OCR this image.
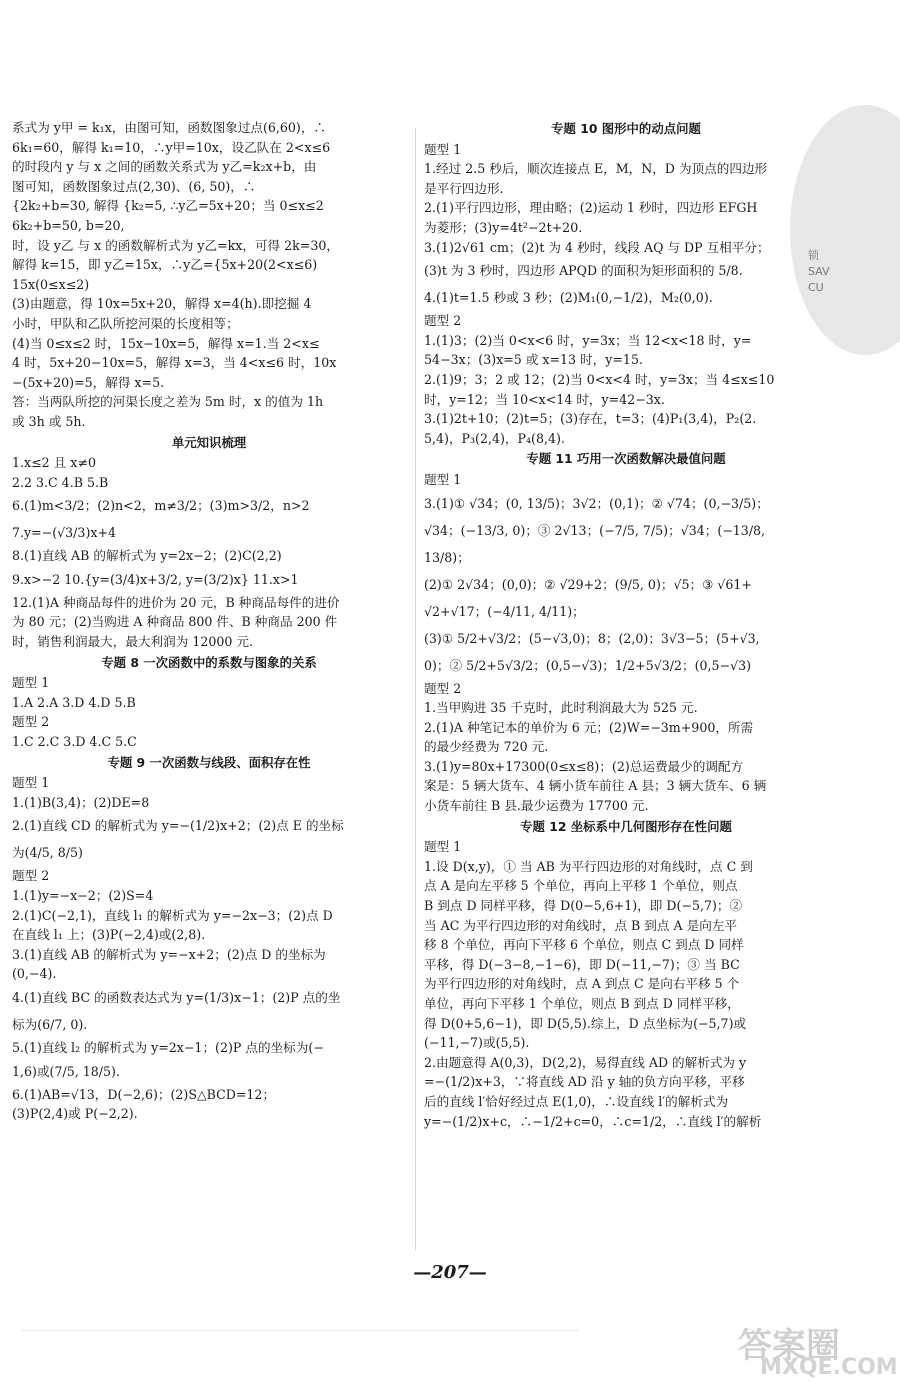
锁
SAV
CU
系式为 y甲 = k₁x，由图可知，函数图象过点(6,60)，∴
6k₁=60，解得 k₁=10，∴y甲=10x，设乙队在 2<x≤6
的时段内 y 与 x 之间的函数关系式为 y乙=k₂x+b，由
图可知，函数图象过点(2,30)、(6, 50)，∴
{2k₂+b=30, 解得 {k₂=5, ∴y乙=5x+20；当 0≤x≤2
6k₂+b=50, b=20,
时，设 y乙 与 x 的函数解析式为 y乙=kx，可得 2k=30，
解得 k=15，即 y乙=15x，∴y乙={5x+20(2<x≤6)
15x(0≤x≤2)
(3)由题意，得 10x=5x+20，解得 x=4(h).即挖掘 4
小时，甲队和乙队所挖河渠的长度相等；
(4)当 0≤x≤2 时，15x−10x=5，解得 x=1.当 2<x≤
4 时，5x+20−10x=5，解得 x=3，当 4<x≤6 时，10x
−(5x+20)=5，解得 x=5.
答：当两队所挖的河渠长度之差为 5m 时，x 的值为 1h
或 3h 或 5h.
单元知识梳理
1.x≤2 且 x≠0
2.2 3.C 4.B 5.B
6.(1)m<3/2；(2)n<2，m≠3/2；(3)m>3/2，n>2
7.y=−(√3/3)x+4
8.(1)直线 AB 的解析式为 y=2x−2；(2)C(2,2)
9.x>−2 10.{y=(3/4)x+3/2, y=(3/2)x} 11.x>1
12.(1)A 种商品每件的进价为 20 元，B 种商品每件的进价
为 80 元；(2)当购进 A 种商品 800 件、B 种商品 200 件
时，销售利润最大，最大利润为 12000 元.
专题 8 一次函数中的系数与图象的关系
题型 1
1.A 2.A 3.D 4.D 5.B
题型 2
1.C 2.C 3.D 4.C 5.C
专题 9 一次函数与线段、面积存在性
题型 1
1.(1)B(3,4)；(2)DE=8
2.(1)直线 CD 的解析式为 y=−(1/2)x+2；(2)点 E 的坐标
为(4/5, 8/5)
题型 2
1.(1)y=−x−2；(2)S=4
2.(1)C(−2,1)，直线 l₁ 的解析式为 y=−2x−3；(2)点 D
在直线 l₁ 上；(3)P(−2,4)或(2,8).
3.(1)直线 AB 的解析式为 y=−x+2；(2)点 D 的坐标为
(0,−4).
4.(1)直线 BC 的函数表达式为 y=(1/3)x−1；(2)P 点的坐
标为(6/7, 0).
5.(1)直线 l₂ 的解析式为 y=2x−1；(2)P 点的坐标为(−
1,6)或(7/5, 18/5).
6.(1)AB=√13，D(−2,6)；(2)S△BCD=12；
(3)P(2,4)或 P(−2,2).
专题 10 图形中的动点问题
题型 1
1.经过 2.5 秒后，顺次连接点 E，M，N，D 为顶点的四边形
是平行四边形.
2.(1)平行四边形，理由略；(2)运动 1 秒时，四边形 EFGH
为菱形；(3)y=4t²−2t+20.
3.(1)2√61 cm；(2)t 为 4 秒时，线段 AQ 与 DP 互相平分；
(3)t 为 3 秒时，四边形 APQD 的面积为矩形面积的 5/8.
4.(1)t=1.5 秒或 3 秒；(2)M₁(0,−1/2)，M₂(0,0).
题型 2
1.(1)3；(2)当 0<x<6 时，y=3x；当 12<x<18 时，y=
54−3x；(3)x=5 或 x=13 时，y=15.
2.(1)9；3；2 或 12；(2)当 0<x<4 时，y=3x；当 4≤x≤10
时，y=12；当 10<x<14 时，y=42−3x.
3.(1)2t+10；(2)t=5；(3)存在，t=3；(4)P₁(3,4)，P₂(2.
5,4)，P₃(2,4)，P₄(8,4).
专题 11 巧用一次函数解决最值问题
题型 1
3.(1)① √34；(0, 13/5)；3√2；(0,1)；② √74；(0,−3/5)；
√34；(−13/3, 0)；③ 2√13；(−7/5, 7/5)；√34；(−13/8,
13/8)；
(2)① 2√34；(0,0)；② √29+2；(9/5, 0)；√5；③ √61+
√2+√17；(−4/11, 4/11)；
(3)① 5/2+√3/2；(5−√3,0)；8；(2,0)；3√3−5；(5+√3,
0)；② 5/2+5√3/2；(0,5−√3)；1/2+5√3/2；(0,5−√3)
题型 2
1.当甲购进 35 千克时，此时利润最大为 525 元.
2.(1)A 种笔记本的单价为 6 元；(2)W=−3m+900，所需
的最少经费为 720 元.
3.(1)y=80x+17300(0≤x≤8)；(2)总运费最少的调配方
案是：5 辆大货车、4 辆小货车前往 A 县；3 辆大货车、6 辆
小货车前往 B 县.最少运费为 17700 元.
专题 12 坐标系中几何图形存在性问题
题型 1
1.设 D(x,y)，① 当 AB 为平行四边形的对角线时，点 C 到
点 A 是向左平移 5 个单位，再向上平移 1 个单位，则点
B 到点 D 同样平移，得 D(0−5,6+1)，即 D(−5,7)；②
当 AC 为平行四边形的对角线时，点 B 到点 A 是向左平
移 8 个单位，再向下平移 6 个单位，则点 C 到点 D 同样
平移，得 D(−3−8,−1−6)，即 D(−11,−7)；③ 当 BC
为平行四边形的对角线时，点 A 到点 C 是向右平移 5 个
单位，再向下平移 1 个单位，则点 B 到点 D 同样平移，
得 D(0+5,6−1)，即 D(5,5).综上，D 点坐标为(−5,7)或
(−11,−7)或(5,5).
2.由题意得 A(0,3)，D(2,2)，易得直线 AD 的解析式为 y
=−(1/2)x+3，∵将直线 AD 沿 y 轴的负方向平移，平移
后的直线 l′恰好经过点 E(1,0)，∴设直线 l′的解析式为
y=−(1/2)x+c，∴−1/2+c=0，∴c=1/2，∴直线 l′的解析
—207—
答案圈
MXQE.COM
